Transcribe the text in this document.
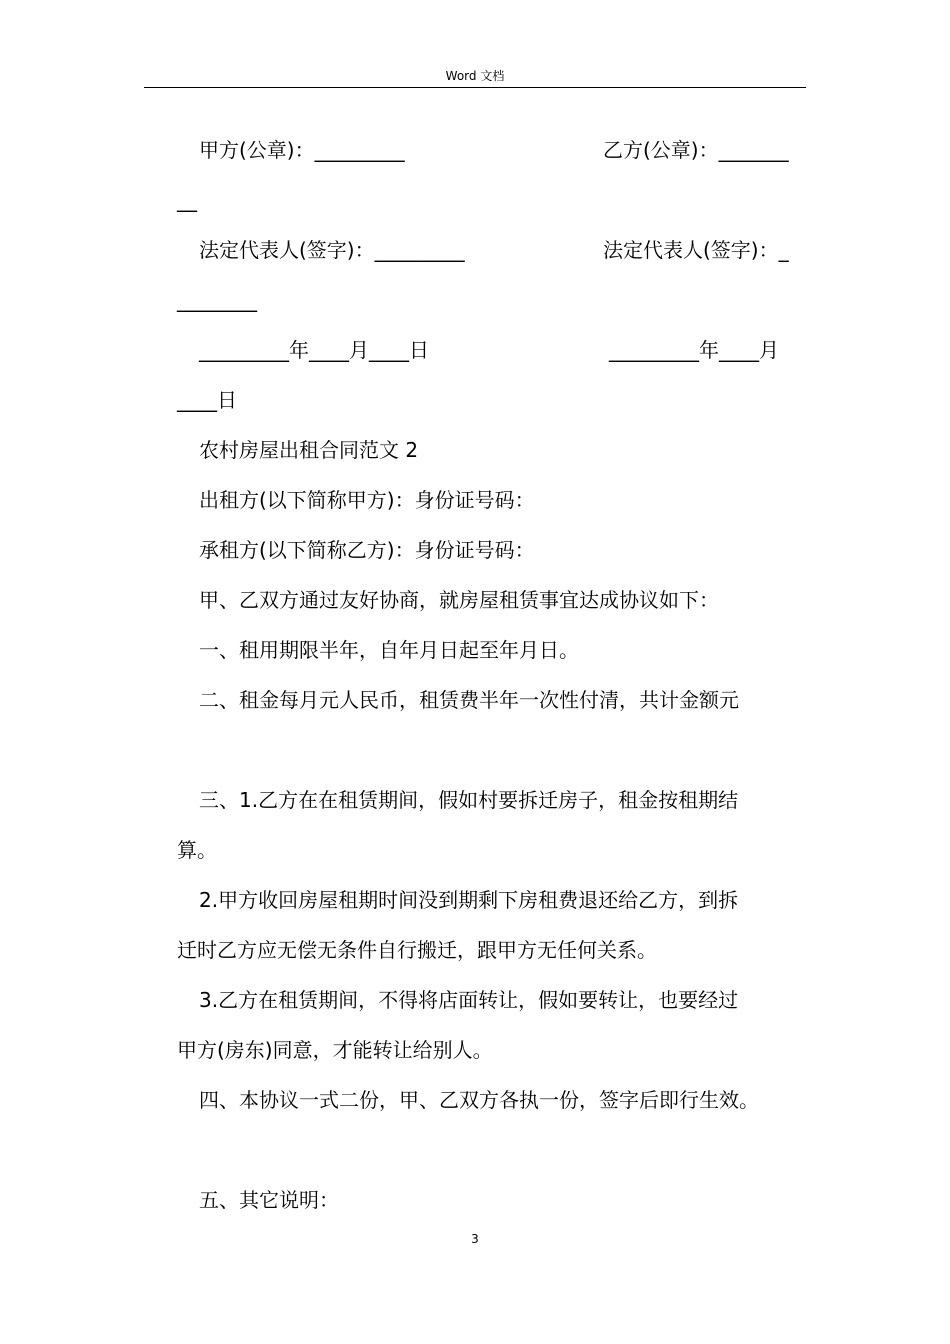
Word 文档
甲方(公章)：_________	乙方(公章)：_______
__
法定代表人(签字)：_________	法定代表人(签字)：_
________
_________年____月____日	_________年____月
____日
农村房屋出租合同范文 2
出租方(以下简称甲方)：身份证号码：
承租方(以下简称乙方)：身份证号码：
甲、乙双方通过友好协商，就房屋租赁事宜达成协议如下：
一、租用期限半年，自年月日起至年月日。
二、租金每月元人民币，租赁费半年一次性付清，共计金额元
三、1.乙方在在租赁期间，假如村要拆迁房子，租金按租期结
算。
2.甲方收回房屋租期时间没到期剩下房租费退还给乙方，到拆
迁时乙方应无偿无条件自行搬迁，跟甲方无任何关系。
3.乙方在租赁期间，不得将店面转让，假如要转让，也要经过
甲方(房东)同意，才能转让给别人。
四、本协议一式二份，甲、乙双方各执一份，签字后即行生效。
五、其它说明：
3
